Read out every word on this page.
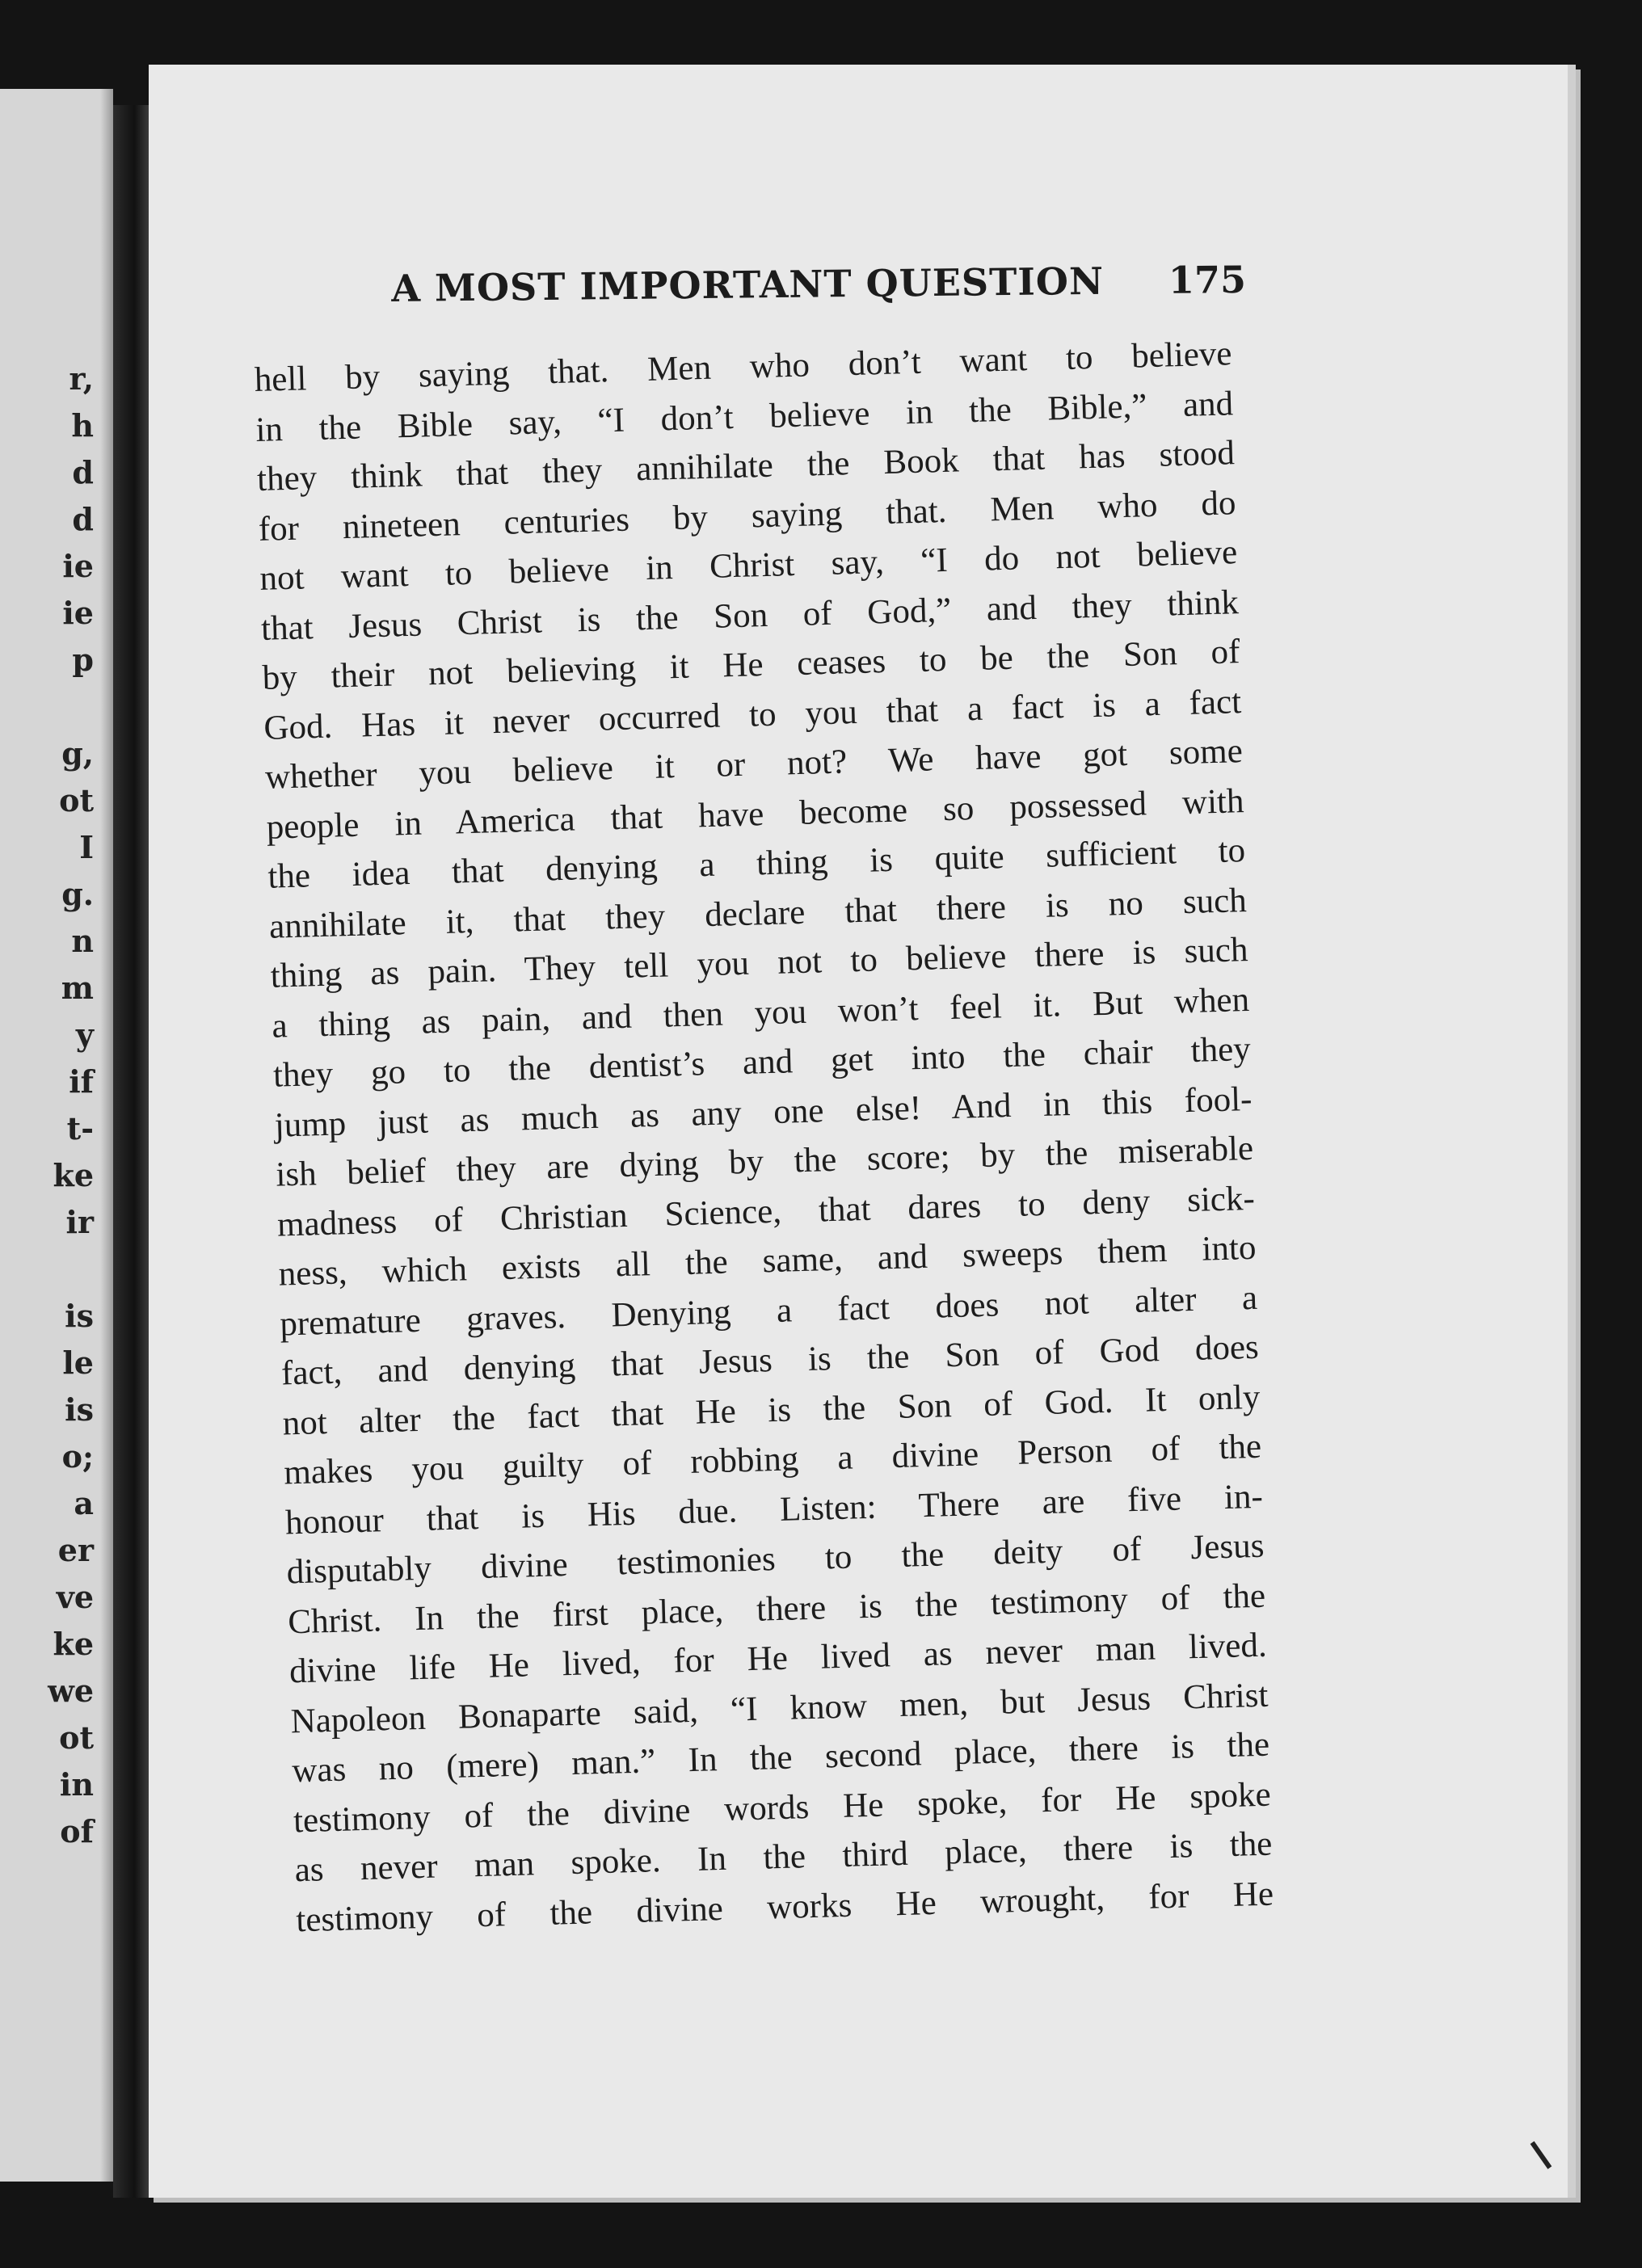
r,
h
d
d
ie
ie
p
g,
ot
I
g.
n
m
y
if
t-
ke
ir
is
le
is
o;
a
er
ve
ke
we
ot
in
of
A MOST IMPORTANT QUESTION 175
hell by saying that. Men who don’t want to believe
in the Bible say, “I don’t believe in the Bible,” and
they think that they annihilate the Book that has stood
for nineteen centuries by saying that. Men who do
not want to believe in Christ say, “I do not believe
that Jesus Christ is the Son of God,” and they think
by their not believing it He ceases to be the Son of
God. Has it never occurred to you that a fact is a fact
whether you believe it or not? We have got some
people in America that have become so possessed with
the idea that denying a thing is quite sufficient to
annihilate it, that they declare that there is no such
thing as pain. They tell you not to believe there is such
a thing as pain, and then you won’t feel it. But when
they go to the dentist’s and get into the chair they
jump just as much as any one else! And in this fool-
ish belief they are dying by the score; by the miserable
madness of Christian Science, that dares to deny sick-
ness, which exists all the same, and sweeps them into
premature graves. Denying a fact does not alter a
fact, and denying that Jesus is the Son of God does
not alter the fact that He is the Son of God. It only
makes you guilty of robbing a divine Person of the
honour that is His due. Listen: There are five in-
disputably divine testimonies to the deity of Jesus
Christ. In the first place, there is the testimony of the
divine life He lived, for He lived as never man lived.
Napoleon Bonaparte said, “I know men, but Jesus Christ
was no (mere) man.” In the second place, there is the
testimony of the divine words He spoke, for He spoke
as never man spoke. In the third place, there is the
testimony of the divine works He wrought, for He
